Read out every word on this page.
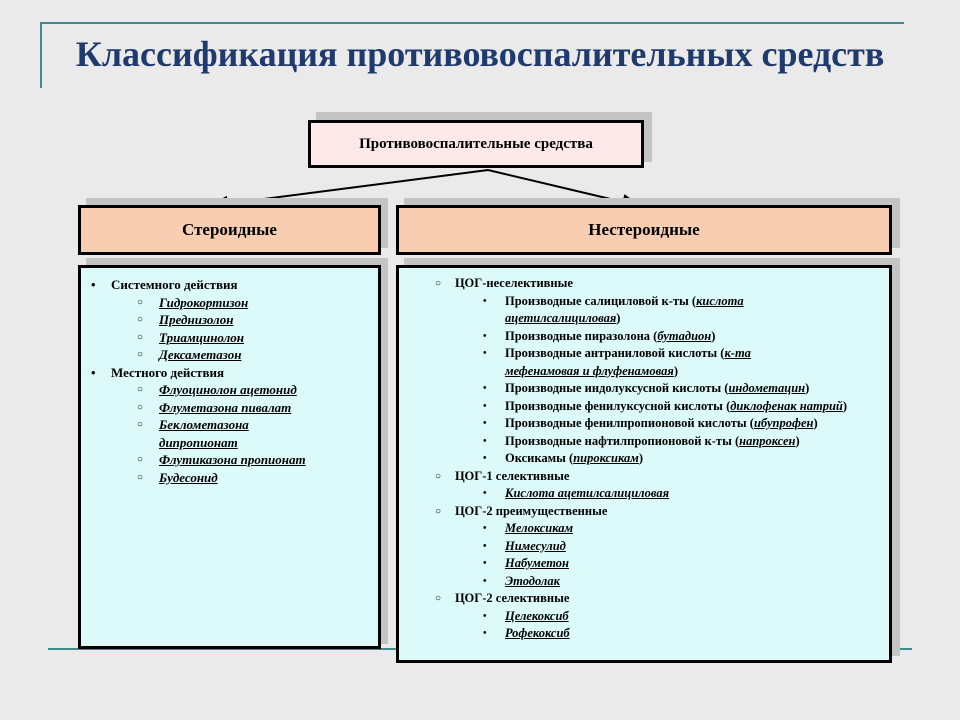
Классификация противовоспалительных средств
Противовоспалительные средства
Стероидные	Нестероидные
• Системного действия
○ Гидрокортизон
○ Преднизолон
○ Триамцинолон
○ Дексаметазон
• Местного действия
○ Флуоцинолон ацетонид
○ Флуметазона пивалат
○ Беклометазона дипропионат
○ Флутиказона пропионат
○ Будесонид
○ ЦОГ-неселективные
• Производные салициловой к-ты (кислота ацетилсалициловая)
• Производные пиразолона (бутадион)
• Производные антраниловой кислоты (к-та мефенамовая и флуфенамовая)
• Производные индолуксусной кислоты (индометацин)
• Производные фенилуксусной кислоты (диклофенак натрий)
• Производные фенилпропионовой кислоты (ибупрофен)
• Производные нафтилпропионовой к-ты (напроксен)
• Оксикамы (пироксикам)
○ ЦОГ-1 селективные
• Кислота ацетилсалициловая
○ ЦОГ-2 преимущественные
• Мелоксикам
• Нимесулид
• Набуметон
• Этодолак
○ ЦОГ-2 селективные
• Целекоксиб
• Рофекоксиб
